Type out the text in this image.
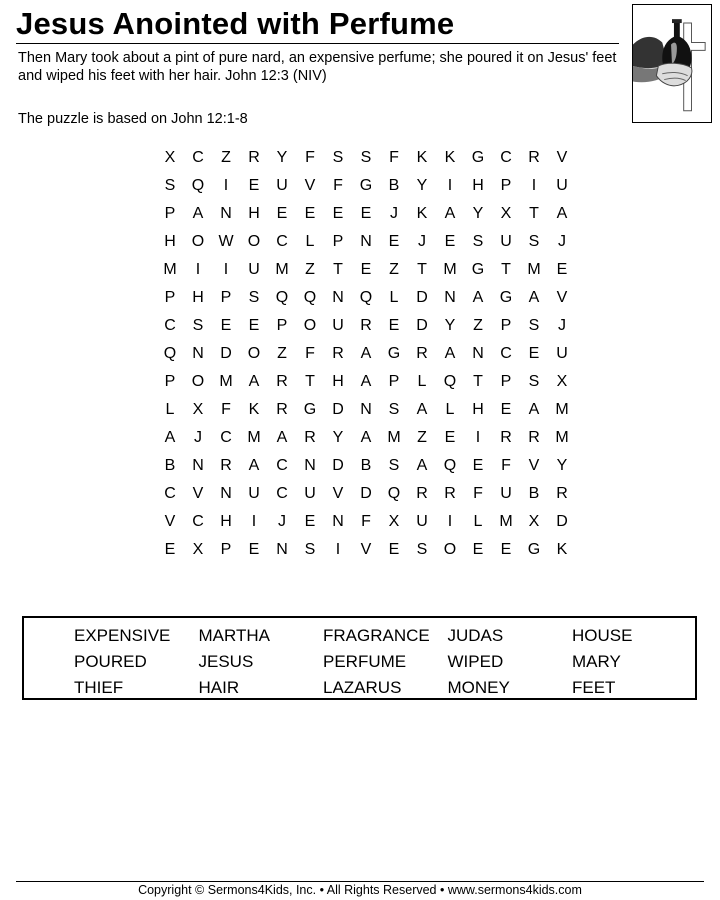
Jesus Anointed with Perfume
Then Mary took about a pint of pure nard, an expensive perfume; she poured it on Jesus' feet and wiped his feet with her hair. John 12:3 (NIV)
The puzzle is based on John 12:1-8
X	C	Z	R	Y	F	S	S	F	K	K	G	C	R	V
S	Q	I	E	U	V	F	G	B	Y	I	H	P	I	U
P	A	N	H	E	E	E	E	J	K	A	Y	X	T	A
H O W O	C	L	P	N	E	J	E	S	U	S	J
M	I	I	U M	Z	T	E	Z	T	M G	T	M	E
P	H	P	S	Q Q	N Q	L	D	N	A	G	A	V
C	S	E	E	P	O	U	R	E	D	Y	Z	P	S	J
Q	N	D O	Z	F	R	A	G	R	A	N	C	E	U
P	O M	A	R	T	H	A	P	L	Q	T	P	S	X
L	X	F	K	R G	D	N	S	A	L	H	E	A	M
A	J	C M	A	R	Y	A	M	Z	E	I	R	R M
B	N	R	A	C	N	D	B	S	A	Q	E	F	V	Y
C	V	N	U	C	U	V	D Q	R	R	F	U	B	R
V	C	H	I	J	E	N	F	X	U	I	L	M	X	D
E	X	P	E	N	S	I	V	E	S	O	E	E	G	K
EXPENSIVE	MARTHA	FRAGRANCE	JUDAS	HOUSE
POURED	JESUS	PERFUME	WIPED	MARY
THIEF	HAIR	LAZARUS	MONEY	FEET
Copyright © Sermons4Kids, Inc. • All Rights Reserved • www.sermons4kids.com
